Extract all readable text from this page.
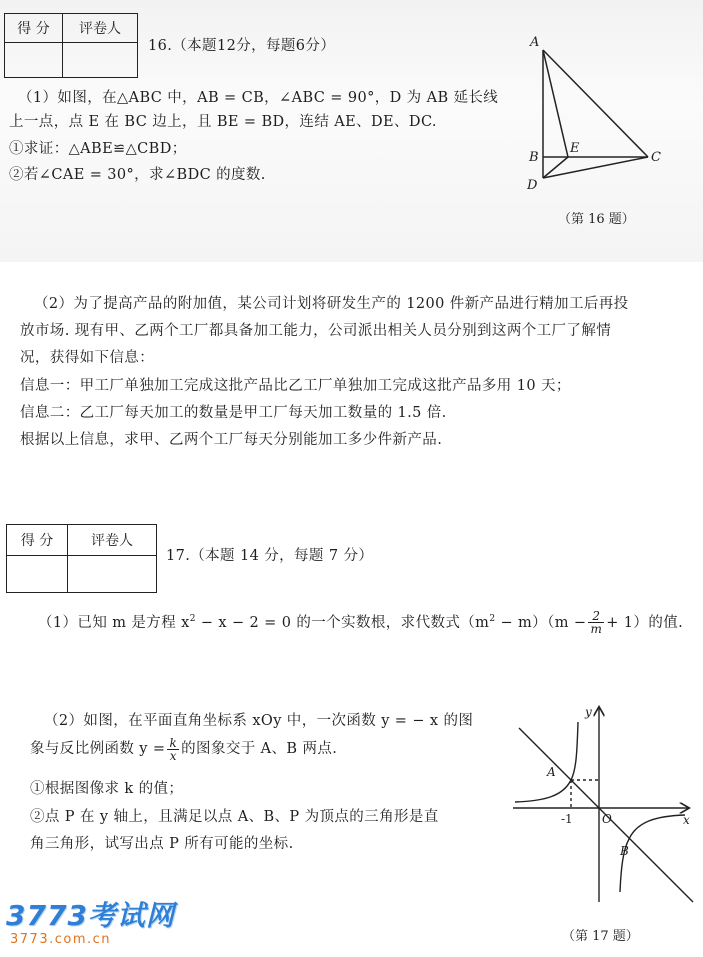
得 分	评卷人

16.（本题12分，每题6分）
（1）如图，在△ABC 中，AB = CB，∠ABC = 90°，D 为 AB 延长线
上一点，点 E 在 BC 边上，且 BE = BD，连结 AE、DE、DC.
①求证：△ABE≌△CBD；
②若∠CAE = 30°，求∠BDC 的度数.
A
B	C
D
E
（第 16 题）
（2）为了提高产品的附加值，某公司计划将研发生产的 1200 件新产品进行精加工后再投
放市场. 现有甲、乙两个工厂都具备加工能力，公司派出相关人员分别到这两个工厂了解情
况，获得如下信息：
信息一：甲工厂单独加工完成这批产品比乙工厂单独加工完成这批产品多用 10 天；
信息二：乙工厂每天加工的数量是甲工厂每天加工数量的 1.5 倍.
根据以上信息，求甲、乙两个工厂每天分别能加工多少件新产品.
得 分	评卷人

17.（本题 14 分，每题 7 分）
（1）已知 m 是方程 $x^2 - x - 2 = 0$ 的一个实数根，求代数式$(m^2 - m)(m - \frac{2}{m} + 1)$的值.
（2）如图，在平面直角坐标系 xOy 中，一次函数 y = − x 的图
象与反比例函数 $y = \frac{k}{x}$ 的图象交于 A、B 两点.
①根据图像求 k 的值；
②点 P 在 y 轴上，且满足以点 A、B、P 为顶点的三角形是直
角三角形，试写出点 P 所有可能的坐标.
y
x
O
-1
A
B
（第 17 题）
3773考试网
3773.com.cn
